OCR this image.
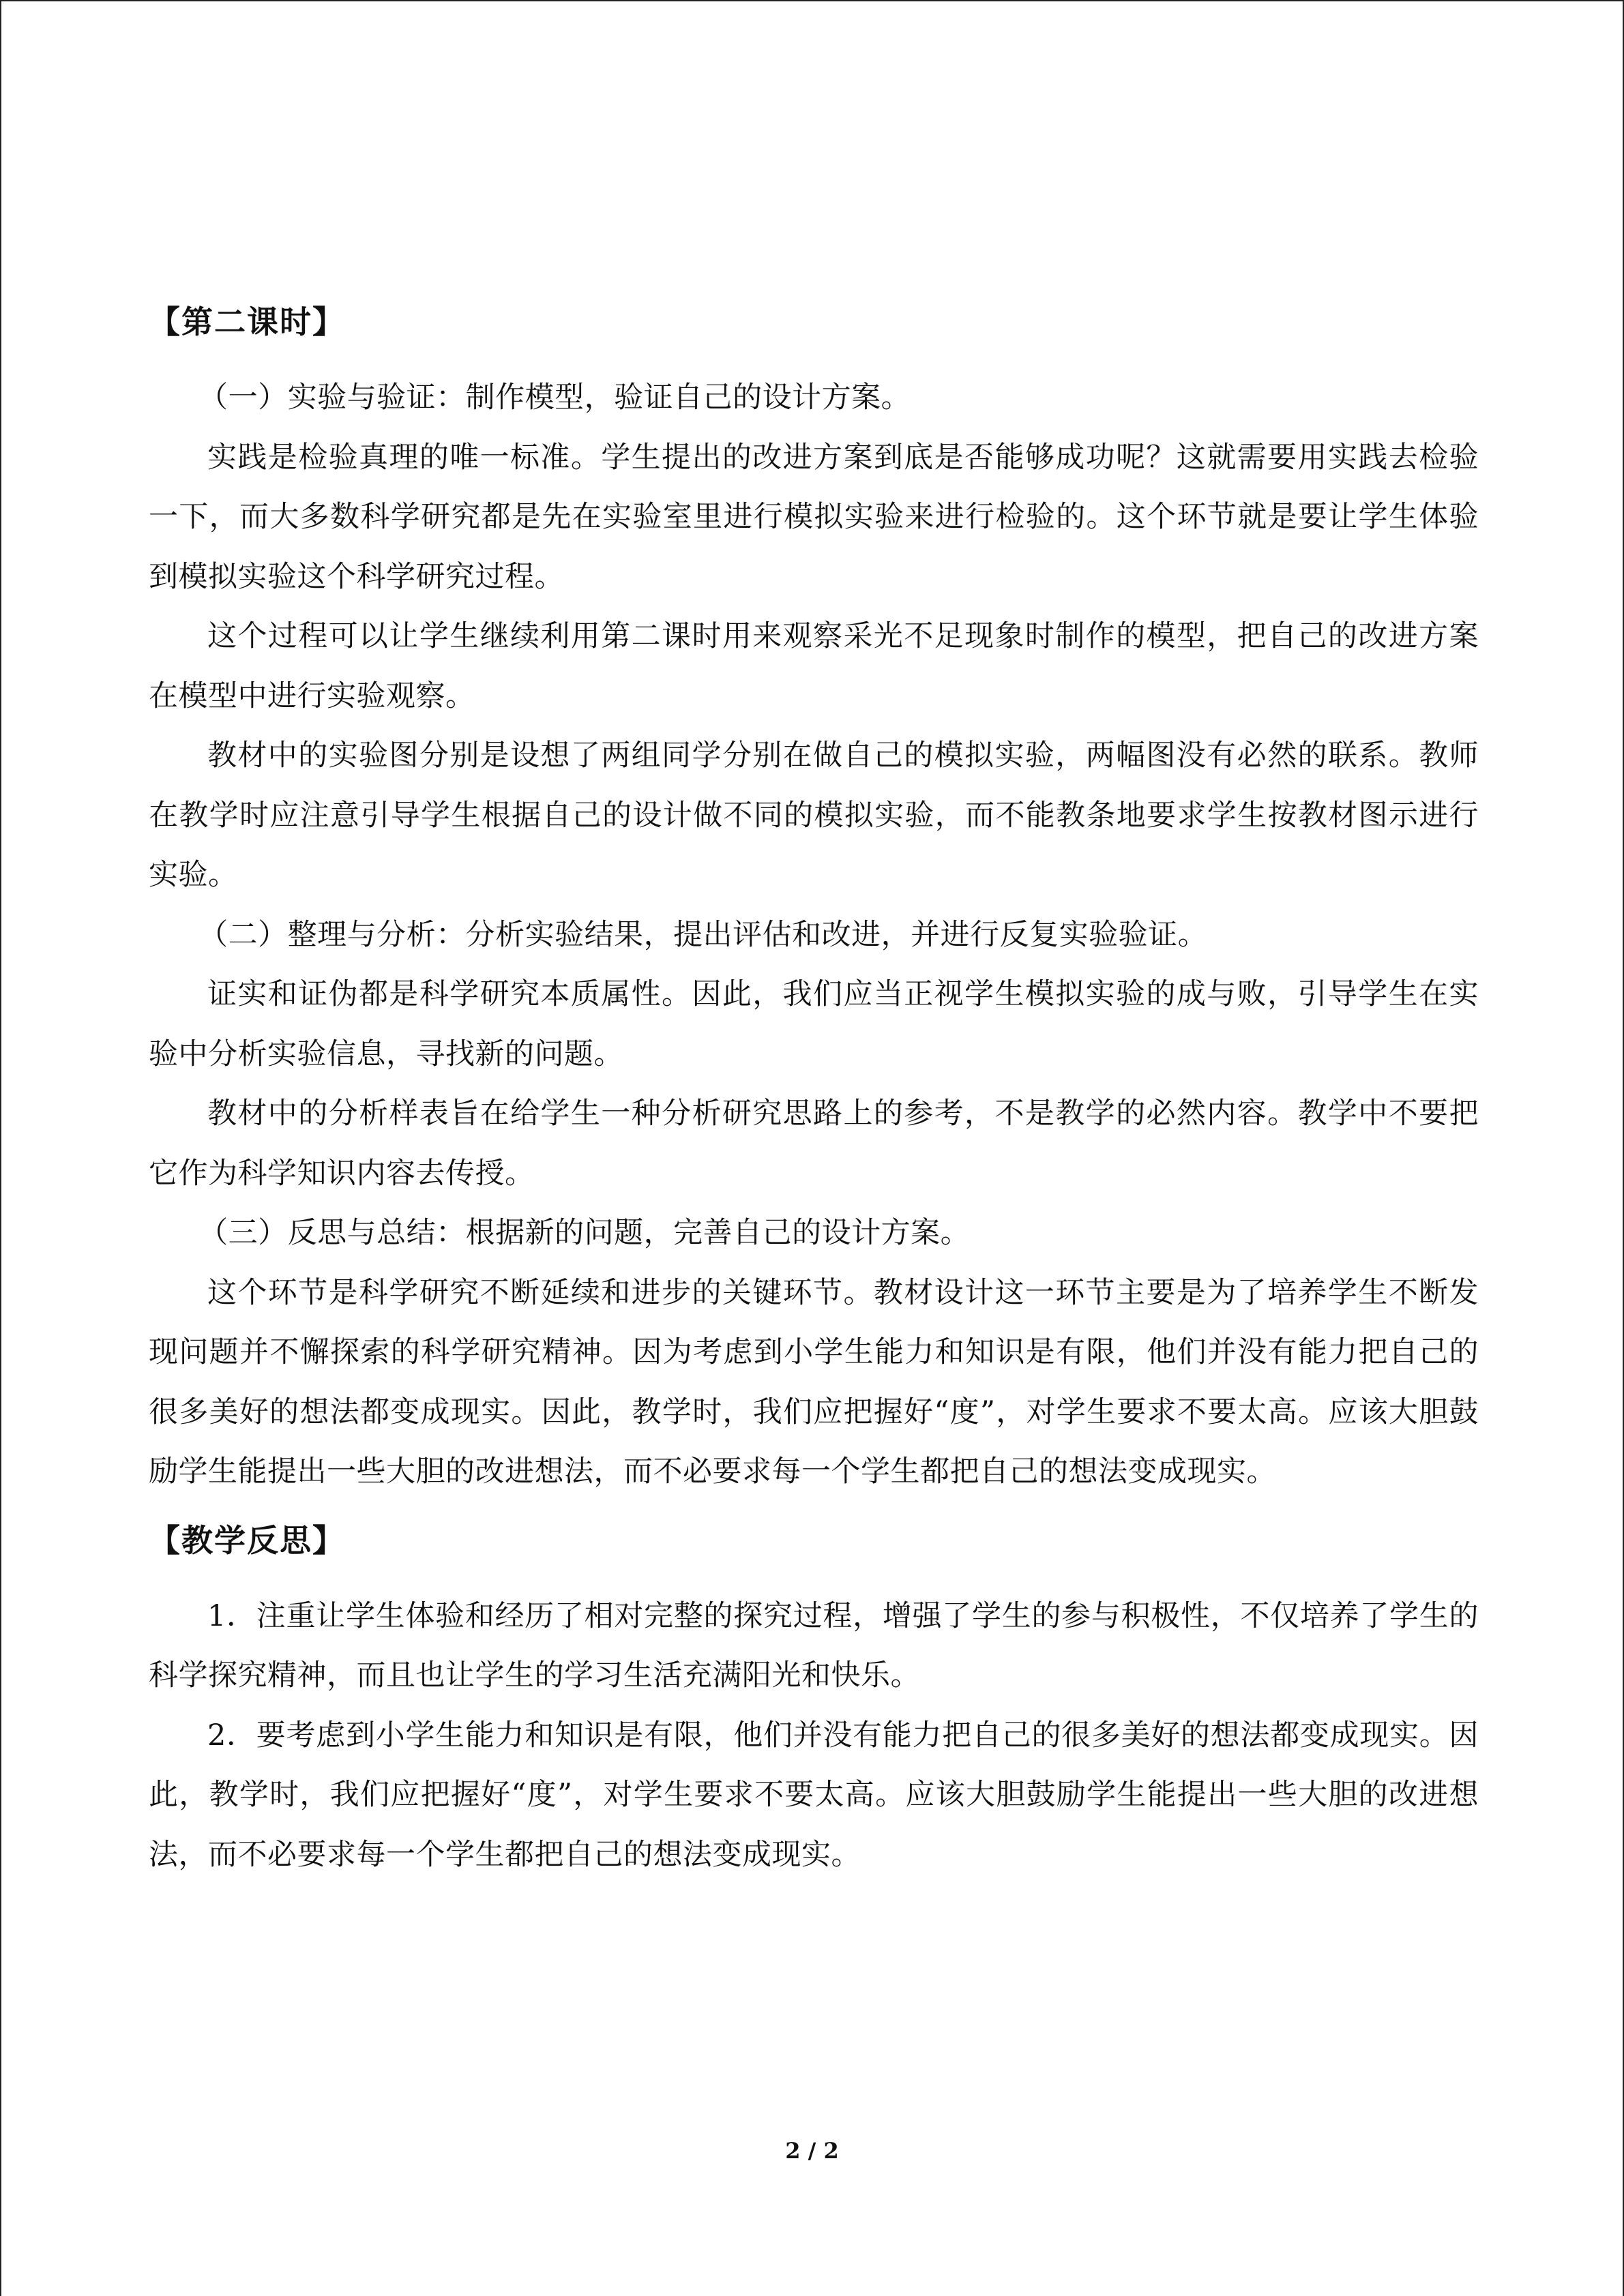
【第二课时】

（一）实验与验证：制作模型，验证自己的设计方案。

实践是检验真理的唯一标准。学生提出的改进方案到底是否能够成功呢？这就需要用实践去检验一下，而大多数科学研究都是先在实验室里进行模拟实验来进行检验的。这个环节就是要让学生体验到模拟实验这个科学研究过程。

这个过程可以让学生继续利用第二课时用来观察采光不足现象时制作的模型，把自己的改进方案在模型中进行实验观察。

教材中的实验图分别是设想了两组同学分别在做自己的模拟实验，两幅图没有必然的联系。教师在教学时应注意引导学生根据自己的设计做不同的模拟实验，而不能教条地要求学生按教材图示进行实验。

（二）整理与分析：分析实验结果，提出评估和改进，并进行反复实验验证。

证实和证伪都是科学研究本质属性。因此，我们应当正视学生模拟实验的成与败，引导学生在实验中分析实验信息，寻找新的问题。

教材中的分析样表旨在给学生一种分析研究思路上的参考，不是教学的必然内容。教学中不要把它作为科学知识内容去传授。

（三）反思与总结：根据新的问题，完善自己的设计方案。

这个环节是科学研究不断延续和进步的关键环节。教材设计这一环节主要是为了培养学生不断发现问题并不懈探索的科学研究精神。因为考虑到小学生能力和知识是有限，他们并没有能力把自己的很多美好的想法都变成现实。因此，教学时，我们应把握好“度”，对学生要求不要太高。应该大胆鼓励学生能提出一些大胆的改进想法，而不必要求每一个学生都把自己的想法变成现实。

【教学反思】

1．注重让学生体验和经历了相对完整的探究过程，增强了学生的参与积极性，不仅培养了学生的科学探究精神，而且也让学生的学习生活充满阳光和快乐。

2．要考虑到小学生能力和知识是有限，他们并没有能力把自己的很多美好的想法都变成现实。因此，教学时，我们应把握好“度”，对学生要求不要太高。应该大胆鼓励学生能提出一些大胆的改进想法，而不必要求每一个学生都把自己的想法变成现实。

2 / 2
